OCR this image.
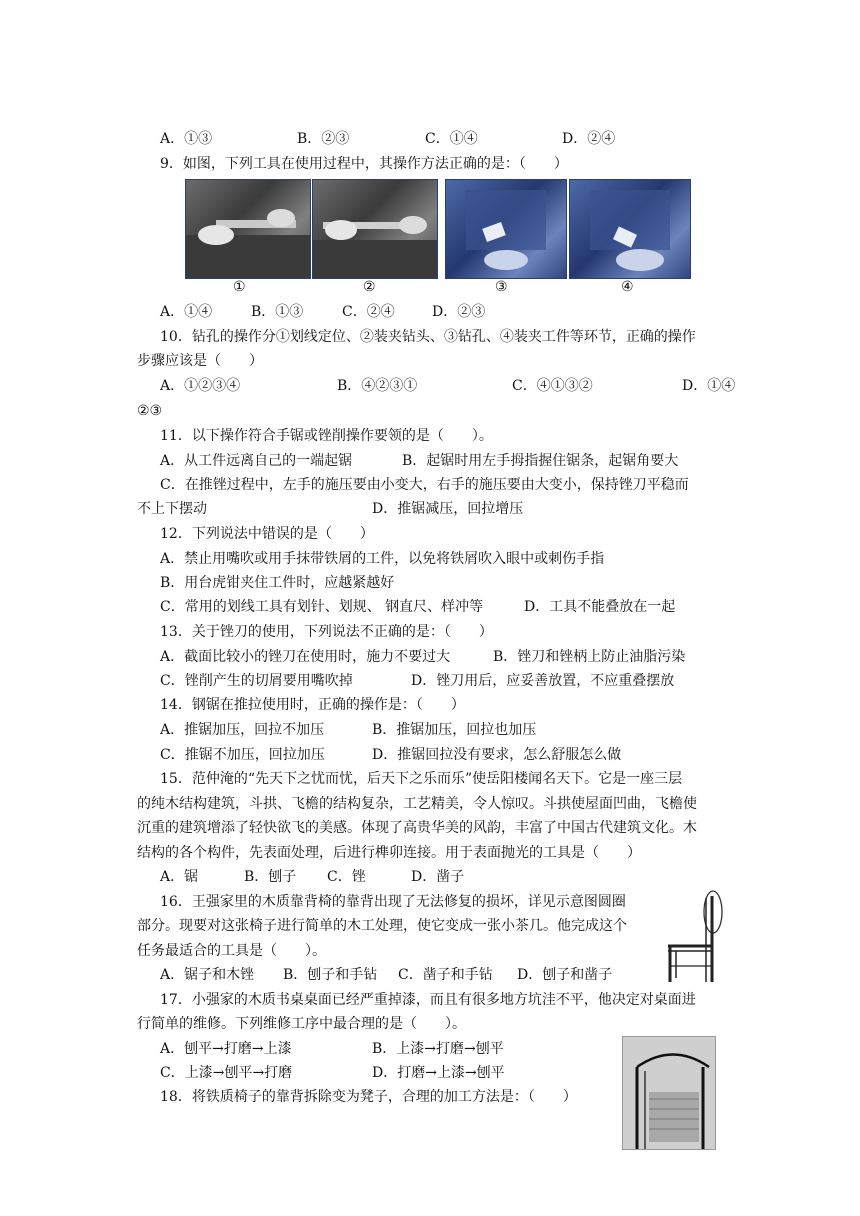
A．①③	B．②③	C．①④	D．②④
9．如图，下列工具在使用过程中，其操作方法正确的是：（　　）
①	②	③	④
A．①④	B．①③	C．②④	D．②③
10．钻孔的操作分①划线定位、②装夹钻头、③钻孔、④装夹工件等环节，正确的操作
步骤应该是（　　）
A．①②③④	B．④②③①	C．④①③②	D．①④
②③
11．以下操作符合手锯或锉削操作要领的是（　　）。
A．从工件远离自己的一端起锯	B．起锯时用左手拇指握住锯条，起锯角要大
C．在推锉过程中，左手的施压要由小变大，右手的施压要由大变小，保持锉刀平稳而
不上下摆动	D．推锯减压，回拉增压
12．下列说法中错误的是（　　）
A．禁止用嘴吹或用手抹带铁屑的工件，以免将铁屑吹入眼中或刺伤手指
B．用台虎钳夹住工件时，应越紧越好
C．常用的划线工具有划针、划规、 钢直尺、样冲等	D．工具不能叠放在一起
13．关于锉刀的使用，下列说法不正确的是：（　　）
A．截面比较小的锉刀在使用时，施力不要过大	B．锉刀和锉柄上防止油脂污染
C．锉削产生的切屑要用嘴吹掉	D．锉刀用后，应妥善放置，不应重叠摆放
14．钢锯在推拉使用时，正确的操作是：（　　）
A．推锯加压，回拉不加压	B．推锯加压，回拉也加压
C．推锯不加压，回拉加压	D．推锯回拉没有要求，怎么舒服怎么做
15．范仲淹的“先天下之忧而忧，后天下之乐而乐”使岳阳楼闻名天下。它是一座三层
的纯木结构建筑，斗拱、飞檐的结构复杂，工艺精美，令人惊叹。斗拱使屋面凹曲，飞檐使
沉重的建筑增添了轻快欲飞的美感。体现了高贵华美的风韵，丰富了中国古代建筑文化。木
结构的各个构件，先表面处理，后进行榫卯连接。用于表面抛光的工具是（　　）
A．锯	B．刨子 C．锉	D．凿子
16．王强家里的木质靠背椅的靠背出现了无法修复的损坏，详见示意图圆圈
部分。现要对这张椅子进行简单的木工处理，使它变成一张小茶几。他完成这个
任务最适合的工具是（　　）。
A．锯子和木锉 B．刨子和手钻 C．凿子和手钻 D．刨子和凿子
17．小强家的木质书桌桌面已经严重掉漆，而且有很多地方坑洼不平，他决定对桌面进
行简单的维修。下列维修工序中最合理的是（　　）。
A．刨平→打磨→上漆	B．上漆→打磨→刨平
C．上漆→刨平→打磨	D．打磨→上漆→刨平
18．将铁质椅子的靠背拆除变为凳子，合理的加工方法是：（　　）
